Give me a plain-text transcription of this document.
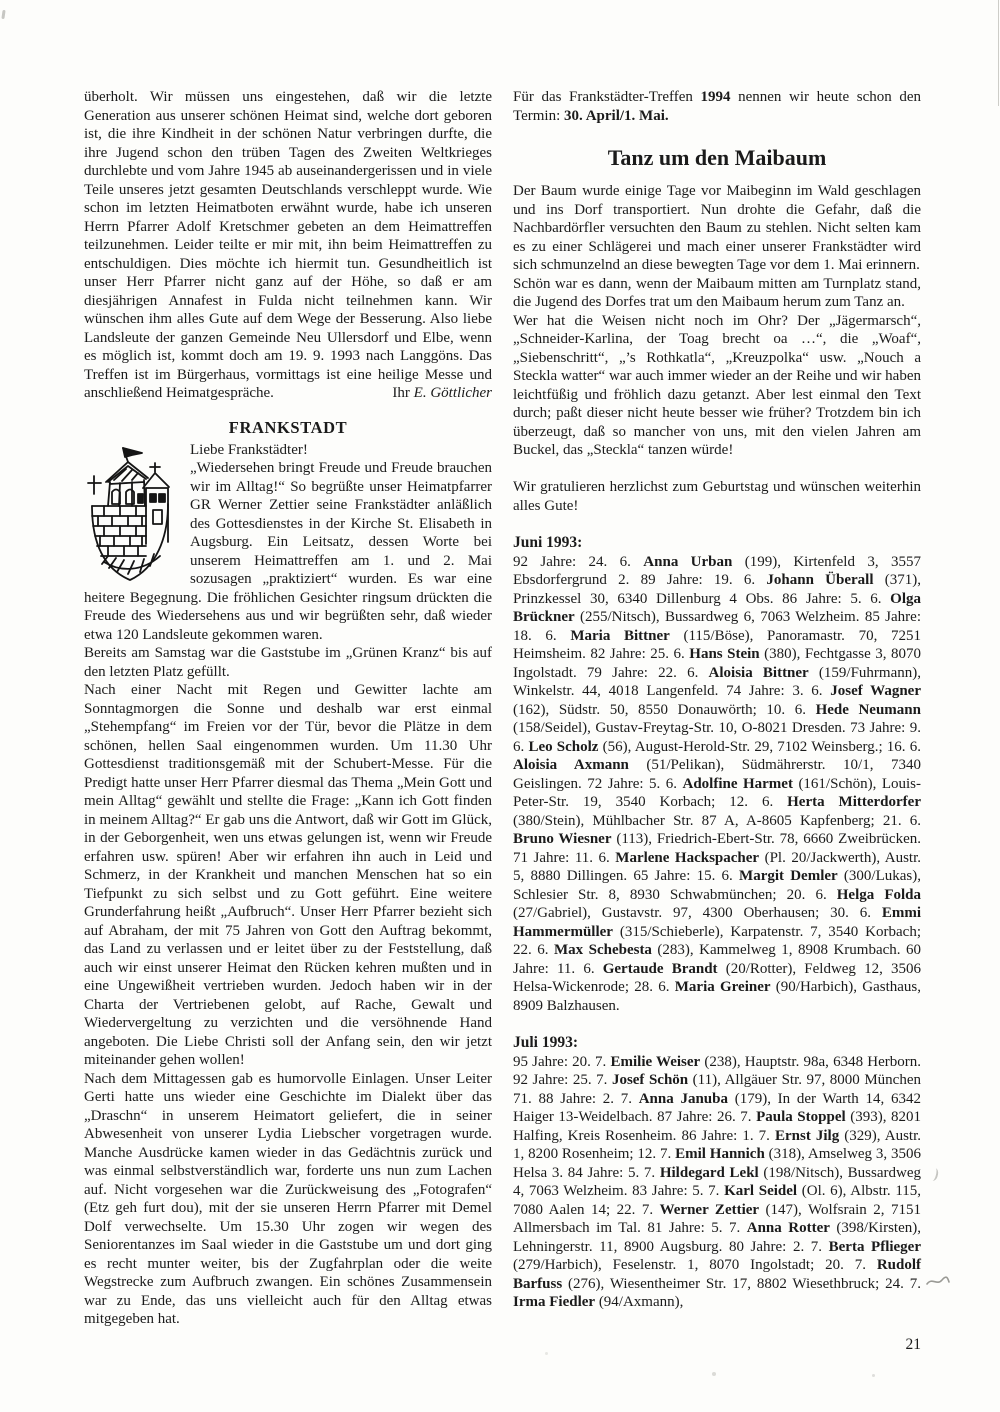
überholt. Wir müssen uns eingestehen, daß wir die letzte Generation aus unserer schönen Heimat sind, welche dort geboren ist, die ihre Kindheit in der schönen Natur verbringen durfte, die ihre Jugend schon den trüben Tagen des Zweiten Weltkrieges durchlebte und vom Jahre 1945 ab auseinandergerissen und in viele Teile unseres jetzt gesamten Deutschlands verschleppt wurde. Wie schon im letzten Heimatboten erwähnt wurde, habe ich unseren Herrn Pfarrer Adolf Kretschmer gebeten an dem Heimattreffen teilzunehmen. Leider teilte er mir mit, ihn beim Heimattreffen zu entschuldigen. Dies möchte ich hiermit tun. Gesundheitlich ist unser Herr Pfarrer nicht ganz auf der Höhe, so daß er am diesjährigen Annafest in Fulda nicht teilnehmen kann. Wir wünschen ihm alles Gute auf dem Wege der Besserung. Also liebe Landsleute der ganzen Gemeinde Neu Ullersdorf und Elbe, wenn es möglich ist, kommt doch am 19. 9. 1993 nach Langgöns. Das Treffen ist im Bürgerhaus, vormittags ist eine heilige Messe und anschließend Heimatgespräche.	Ihr E. Göttlicher
FRANKSTADT

Liebe Frankstädter!

„Wiedersehen bringt Freude und Freude brauchen wir im Alltag!“ So begrüßte unser Heimatpfarrer GR Werner Zettier seine Frankstädter anläßlich des Gottesdienstes in der Kirche St. Elisabeth in Augsburg. Ein Leitsatz, dessen Worte bei unserem Heimattreffen am 1. und 2. Mai sozusagen „praktiziert“ wurden. Es war eine heitere Begegnung. Die fröhlichen Gesichter ringsum drückten die Freude des Wiedersehens aus und wir begrüßten sehr, daß wieder etwa 120 Landsleute gekommen waren.

Bereits am Samstag war die Gaststube im „Grünen Kranz“ bis auf den letzten Platz gefüllt.

Nach einer Nacht mit Regen und Gewitter lachte am Sonntagmorgen die Sonne und deshalb war erst einmal „Stehempfang“ im Freien vor der Tür, bevor die Plätze in dem schönen, hellen Saal eingenommen wurden. Um 11.30 Uhr Gottesdienst traditionsgemäß mit der Schubert-Messe. Für die Predigt hatte unser Herr Pfarrer diesmal das Thema „Mein Gott und mein Alltag“ gewählt und stellte die Frage: „Kann ich Gott finden in meinem Alltag?“ Er gab uns die Antwort, daß wir Gott im Glück, in der Geborgenheit, wen uns etwas gelungen ist, wenn wir Freude erfahren usw. spüren! Aber wir erfahren ihn auch in Leid und Schmerz, in der Krankheit und manchen Menschen hat so ein Tiefpunkt zu sich selbst und zu Gott geführt. Eine weitere Grunderfahrung heißt „Aufbruch“. Unser Herr Pfarrer bezieht sich auf Abraham, der mit 75 Jahren von Gott den Auftrag bekommt, das Land zu verlassen und er leitet über zu der Feststellung, daß auch wir einst unserer Heimat den Rücken kehren mußten und in eine Ungewißheit vertrieben wurden. Jedoch haben wir in der Charta der Vertriebenen gelobt, auf Rache, Gewalt und Wiedervergeltung zu verzichten und die versöhnende Hand angeboten. Die Liebe Christi soll der Anfang sein, den wir jetzt miteinander gehen wollen!

Nach dem Mittagessen gab es humorvolle Einlagen. Unser Leiter Gerti hatte uns wieder eine Geschichte im Dialekt über das „Draschn“ in unserem Heimatort geliefert, die in seiner Abwesenheit von unserer Lydia Liebscher vorgetragen wurde. Manche Ausdrücke kamen wieder in das Gedächtnis zurück und was einmal selbstverständlich war, forderte uns nun zum Lachen auf. Nicht vorgesehen war die Zurückweisung des „Fotografen“ (Etz geh furt dou), mit der sie unseren Herrn Pfarrer mit Demel Dolf verwechselte. Um 15.30 Uhr zogen wir wegen des Seniorentanzes im Saal wieder in die Gaststube um und dort ging es recht munter weiter, bis der Zugfahrplan oder die weite Wegstrecke zum Aufbruch zwangen. Ein schönes Zusammensein war zu Ende, das uns vielleicht auch für den Alltag etwas mitgegeben hat.

Für das Frankstädter-Treffen 1994 nennen wir heute schon den Termin: 30. April/1. Mai.

Tanz um den Maibaum

Der Baum wurde einige Tage vor Maibeginn im Wald geschlagen und ins Dorf transportiert. Nun drohte die Gefahr, daß die Nachbardörfler versuchten den Baum zu stehlen. Nicht selten kam es zu einer Schlägerei und mach einer unserer Frankstädter wird sich schmunzelnd an diese bewegten Tage vor dem 1. Mai erinnern.

Schön war es dann, wenn der Maibaum mitten am Turnplatz stand, die Jugend des Dorfes trat um den Maibaum herum zum Tanz an.

Wer hat die Weisen nicht noch im Ohr? Der „Jägermarsch“, „Schneider-Karlina, der Toag brecht oa …“, die „Woaf“, „Siebenschritt“, „’s Rothkatla“, „Kreuzpolka“ usw. „Nouch a Steckla watter“ war auch immer wieder an der Reihe und wir haben leichtfüßig und fröhlich dazu getanzt. Aber lest einmal den Text durch; paßt dieser nicht heute besser wie früher? Trotzdem bin ich überzeugt, daß so mancher von uns, mit den vielen Jahren am Buckel, das „Steckla“ tanzen würde!

Wir gratulieren herzlichst zum Geburtstag und wünschen weiterhin alles Gute!

Juni 1993:

92 Jahre: 24. 6. Anna Urban (199), Kirtenfeld 3, 3557 Ebsdorfergrund 2. 89 Jahre: 19. 6. Johann Überall (371), Prinzkessel 30, 6340 Dillenburg 4 Obs. 86 Jahre: 5. 6. Olga Brückner (255/Nitsch), Bussardweg 6, 7063 Welzheim. 85 Jahre: 18. 6. Maria Bittner (115/Böse), Panoramastr. 70, 7251 Heimsheim. 82 Jahre: 25. 6. Hans Stein (380), Fechtgasse 3, 8070 Ingolstadt. 79 Jahre: 22. 6. Aloisia Bittner (159/Fuhrmann), Winkelstr. 44, 4018 Langenfeld. 74 Jahre: 3. 6. Josef Wagner (162), Südstr. 50, 8550 Donauwörth; 10. 6. Hede Neumann (158/Seidel), Gustav-Freytag-Str. 10, O-8021 Dresden. 73 Jahre: 9. 6. Leo Scholz (56), August-Herold-Str. 29, 7102 Weinsberg.; 16. 6. Aloisia Axmann (51/Pelikan), Südmährerstr. 10/1, 7340 Geislingen. 72 Jahre: 5. 6. Adolfine Harmet (161/Schön), Louis-Peter-Str. 19, 3540 Korbach; 12. 6. Herta Mitterdorfer (380/Stein), Mühlbacher Str. 87 A, A-8605 Kapfenberg; 21. 6. Bruno Wiesner (113), Friedrich-Ebert-Str. 78, 6660 Zweibrücken. 71 Jahre: 11. 6. Marlene Hackspacher (Pl. 20/Jackwerth), Austr. 5, 8880 Dillingen. 65 Jahre: 15. 6. Margit Demler (300/Lukas), Schlesier Str. 8, 8930 Schwabmünchen; 20. 6. Helga Folda (27/Gabriel), Gustavstr. 97, 4300 Oberhausen; 30. 6. Emmi Hammermüller (315/Schieberle), Karpatenstr. 7, 3540 Korbach; 22. 6. Max Schebesta (283), Kammelweg 1, 8908 Krumbach. 60 Jahre: 11. 6. Gertaude Brandt (20/Rotter), Feldweg 12, 3506 Helsa-Wickenrode; 28. 6. Maria Greiner (90/Harbich), Gasthaus, 8909 Balzhausen.

Juli 1993:

95 Jahre: 20. 7. Emilie Weiser (238), Hauptstr. 98a, 6348 Herborn. 92 Jahre: 25. 7. Josef Schön (11), Allgäuer Str. 97, 8000 München 71. 88 Jahre: 2. 7. Anna Januba (179), In der Warth 14, 6342 Haiger 13-Weidelbach. 87 Jahre: 26. 7. Paula Stoppel (393), 8201 Halfing, Kreis Rosenheim. 86 Jahre: 1. 7. Ernst Jilg (329), Austr. 1, 8200 Rosenheim; 12. 7. Emil Hannich (318), Amselweg 3, 3506 Helsa 3. 84 Jahre: 5. 7. Hildegard Lekl (198/Nitsch), Bussardweg 4, 7063 Welzheim. 83 Jahre: 5. 7. Karl Seidel (Ol. 6), Albstr. 115, 7080 Aalen 14; 22. 7. Werner Zettier (147), Wolfsrain 2, 7151 Allmersbach im Tal. 81 Jahre: 5. 7. Anna Rotter (398/Kirsten), Lehningerstr. 11, 8900 Augsburg. 80 Jahre: 2. 7. Berta Pflieger (279/Harbich), Feselenstr. 1, 8070 Ingolstadt; 20. 7. Rudolf Barfuss (276), Wiesentheimer Str. 17, 8802 Wiesethbruck; 24. 7. Irma Fiedler (94/Axmann),

21
